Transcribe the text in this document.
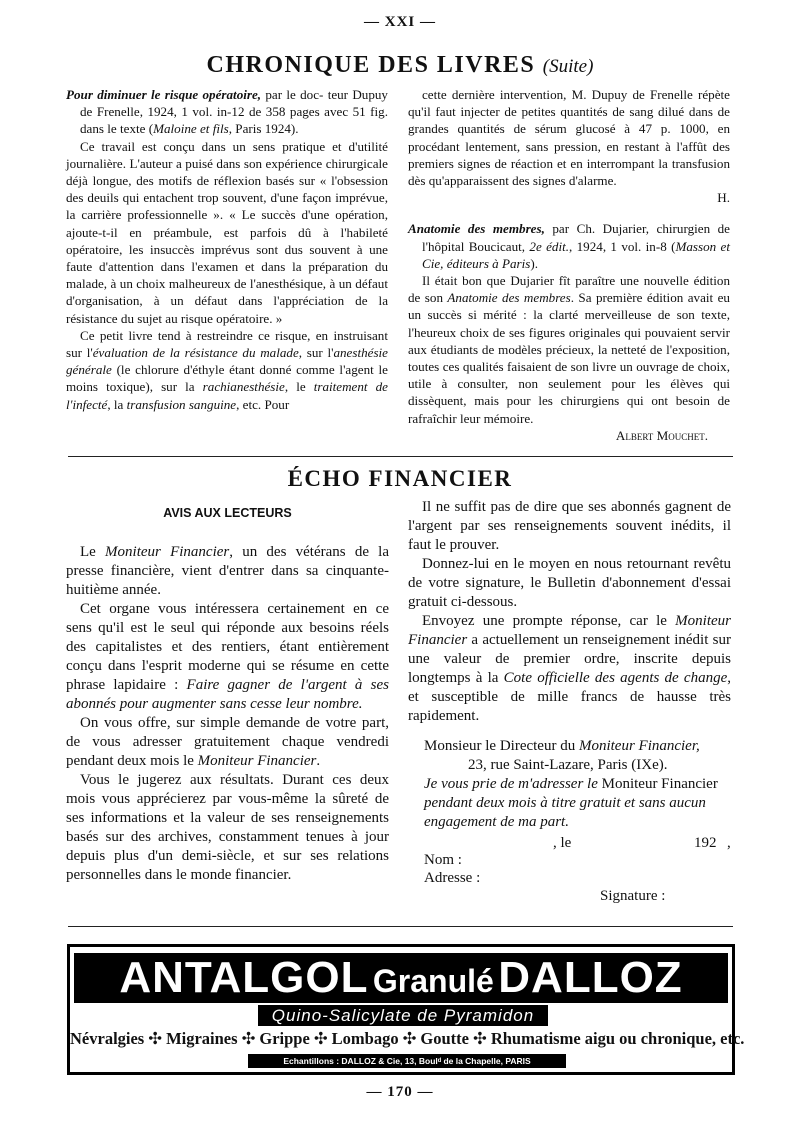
— XXI —
CHRONIQUE DES LIVRES (Suite)

Pour diminuer le risque opératoire, par le doc- teur Dupuy de Frenelle, 1924, 1 vol. in-12 de 358 pages avec 51 fig. dans le texte (Maloine et fils, Paris 1924).

Ce travail est conçu dans un sens pratique et d'utilité journalière. L'auteur a puisé dans son expérience chirurgicale déjà longue, des motifs de réflexion basés sur « l'obsession des deuils qui entachent trop souvent, d'une façon imprévue, la carrière professionnelle ». « Le succès d'une opération, ajoute-t-il en préambule, est parfois dû à l'habileté opératoire, les insuccès imprévus sont dus souvent à une faute d'attention dans l'examen et dans la préparation du malade, à un choix malheureux de l'anesthésique, à un défaut d'organisation, à un défaut dans l'appréciation de la résistance du sujet au risque opératoire. »

Ce petit livre tend à restreindre ce risque, en instruisant sur l'évaluation de la résistance du malade, sur l'anesthésie générale (le chlorure d'éthyle étant donné comme l'agent le moins toxique), sur la rachianesthésie, le traitement de l'infecté, la transfusion sanguine, etc. Pour

cette dernière intervention, M. Dupuy de Frenelle répète qu'il faut injecter de petites quantités de sang dilué dans de grandes quantités de sérum glucosé à 47 p. 1000, en procédant lentement, sans pression, en restant à l'affût des premiers signes de réaction et en interrompant la transfusion dès qu'apparaissent des signes d'alarme.

H.

Anatomie des membres, par Ch. Dujarier, chirurgien de l'hôpital Boucicaut, 2e édit., 1924, 1 vol. in-8 (Masson et Cie, éditeurs à Paris).

Il était bon que Dujarier fît paraître une nouvelle édition de son Anatomie des membres. Sa première édition avait eu un succès si mérité : la clarté merveilleuse de son texte, l'heureux choix de ses figures originales qui pouvaient servir aux étudiants de modèles précieux, la netteté de l'exposition, toutes ces qualités faisaient de son livre un ouvrage de choix, utile à consulter, non seulement pour les élèves qui dissèquent, mais pour les chirurgiens qui ont besoin de rafraîchir leur mémoire.

Albert Mouchet.

ÉCHO FINANCIER
AVIS AUX LECTEURS

Le Moniteur Financier, un des vétérans de la presse financière, vient d'entrer dans sa cinquante-huitième année.

Cet organe vous intéressera certainement en ce sens qu'il est le seul qui réponde aux besoins réels des capitalistes et des rentiers, étant entièrement conçu dans l'esprit moderne qui se résume en cette phrase lapidaire : Faire gagner de l'argent à ses abonnés pour augmenter sans cesse leur nombre.

On vous offre, sur simple demande de votre part, de vous adresser gratuitement chaque vendredi pendant deux mois le Moniteur Financier.

Vous le jugerez aux résultats. Durant ces deux mois vous apprécierez par vous-même la sûreté de ses informations et la valeur de ses renseignements basés sur des archives, constamment tenues à jour depuis plus d'un demi-siècle, et sur ses relations personnelles dans le monde financier.

Il ne suffit pas de dire que ses abonnés gagnent de l'argent par ses renseignements souvent inédits, il faut le prouver.

Donnez-lui en le moyen en nous retournant revêtu de votre signature, le Bulletin d'abonnement d'essai gratuit ci-dessous.

Envoyez une prompte réponse, car le Moniteur Financier a actuellement un renseignement inédit sur une valeur de premier ordre, inscrite depuis longtemps à la Cote officielle des agents de change, et susceptible de mille francs de hausse très rapidement.

Monsieur le Directeur du Moniteur Financier,
23, rue Saint-Lazare, Paris (IXe).
Je vous prie de m'adresser le Moniteur Financier
pendant deux mois à titre gratuit et sans aucun engagement de ma part.
, le	192 ,
Nom :
Adresse :
Signature :
ANTALGOL Granulé DALLOZ
Quino-Salicylate de Pyramidon
Névralgies ✣ Migraines ✣ Grippe ✣ Lombago ✣ Goutte ✣ Rhumatisme aigu ou chronique, etc.
Echantillons : DALLOZ & Cie, 13, Boulᵈ de la Chapelle, PARIS
— 170 —
